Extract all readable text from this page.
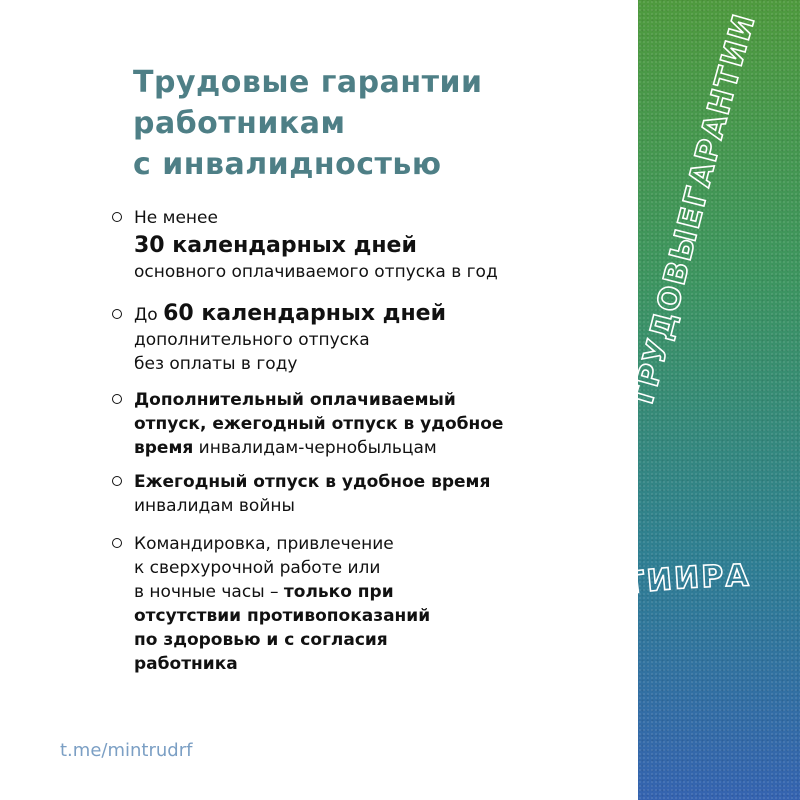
ТРУДОВЫЕГАРАНТИИ
ТРУДОВЫЕГАРАНТИИРА
Трудовые гарантии
работникам
с инвалидностью
Не менее
30 календарных дней
основного оплачиваемого отпуска в год
До 60 календарных дней
дополнительного отпуска
без оплаты в году
Дополнительный оплачиваемый
отпуск, ежегодный отпуск в удобное
время инвалидам-чернобыльцам
Ежегодный отпуск в удобное время
инвалидам войны
Командировка, привлечение
к сверхурочной работе или
в ночные часы – только при
отсутствии противопоказаний
по здоровью и с согласия
работника

t.me/mintrudrf
